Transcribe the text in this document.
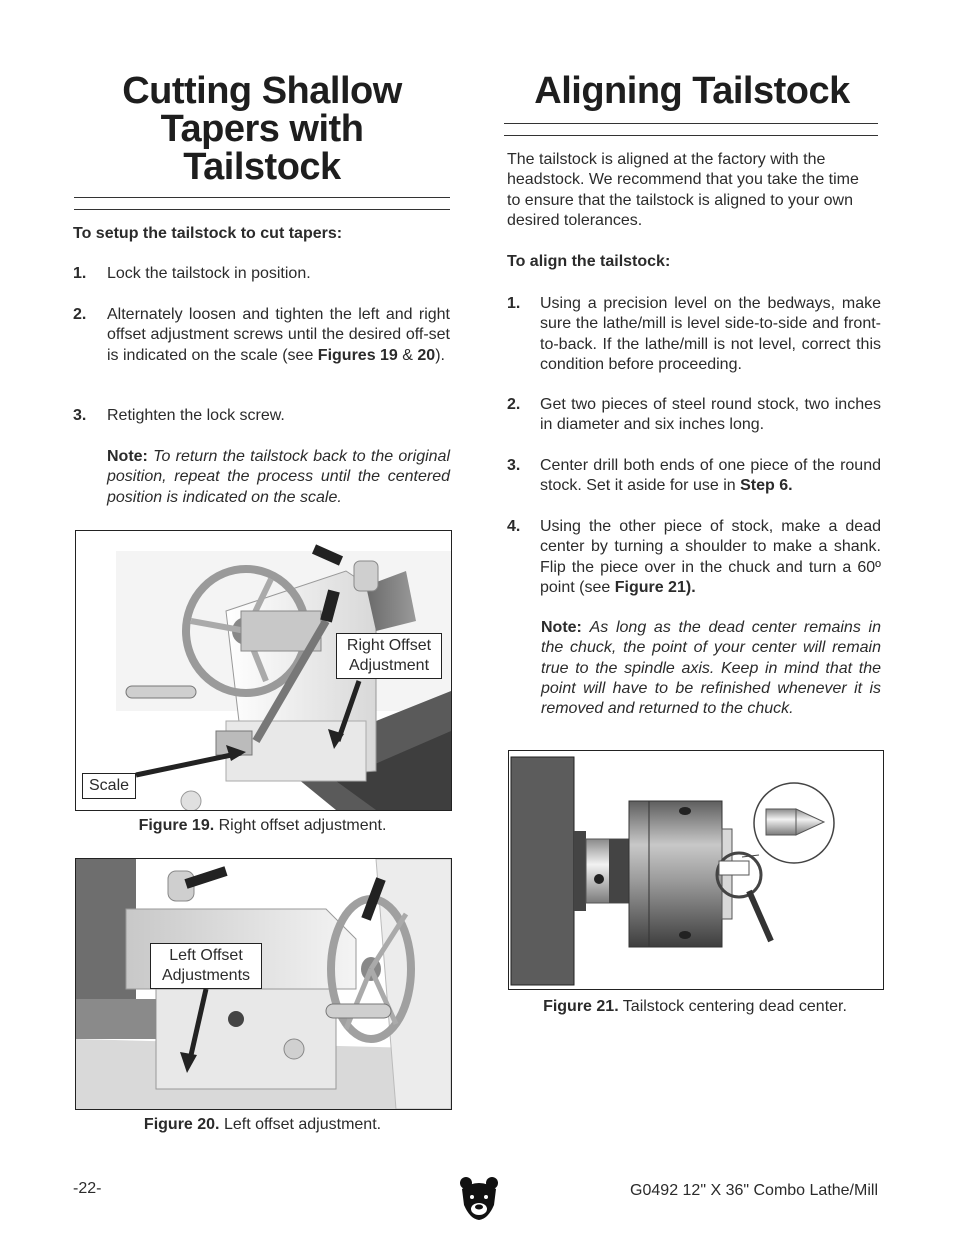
Cutting Shallow
Tapers with
Tailstock
To setup the tailstock to cut tapers:
1. Lock the tailstock in position.
2. Alternately loosen and tighten the left and right offset adjustment screws until the desired off-set is indicated on the scale (see Figures 19 & 20).
3. Retighten the lock screw.
Note: To return the tailstock back to the original position, repeat the process until the centered position is indicated on the scale.
Right Offset
Adjustment
Scale
Figure 19. Right offset adjustment.
Left Offset
Adjustments
Figure 20. Left offset adjustment.
Aligning Tailstock
The tailstock is aligned at the factory with the headstock. We recommend that you take the time to ensure that the tailstock is aligned to your own desired tolerances.
To align the tailstock:
1. Using a precision level on the bedways, make sure the lathe/mill is level side-to-side and front-to-back. If the lathe/mill is not level, correct this condition before proceeding.
2. Get two pieces of steel round stock, two inches in diameter and six inches long.
3. Center drill both ends of one piece of the round stock. Set it aside for use in Step 6.
4. Using the other piece of stock, make a dead center by turning a shoulder to make a shank. Flip the piece over in the chuck and turn a 60º point (see Figure 21).
Note: As long as the dead center remains in the chuck, the point of your center will remain true to the spindle axis. Keep in mind that the point will have to be refinished whenever it is removed and returned to the chuck.
Figure 21. Tailstock centering dead center.
-22-	G0492 12" X 36" Combo Lathe/Mill
